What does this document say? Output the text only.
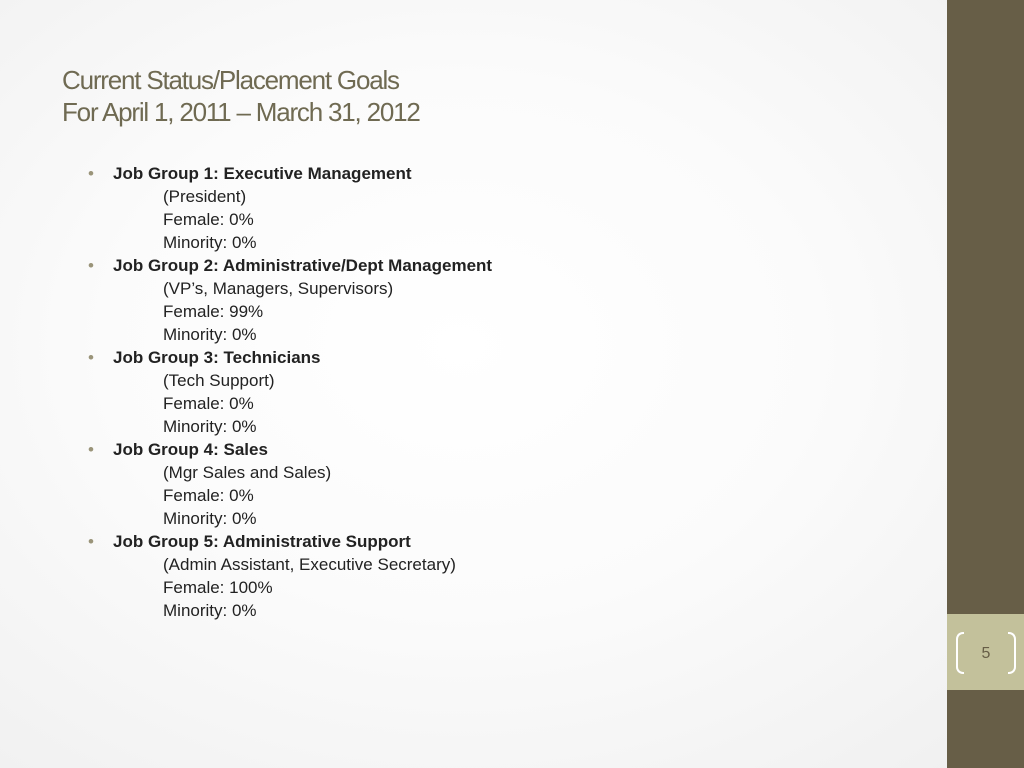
Current Status/Placement Goals
For April 1, 2011 – March 31, 2012
• Job Group 1: Executive Management
(President)
Female: 0%
Minority: 0%
• Job Group 2: Administrative/Dept Management
(VP’s, Managers, Supervisors)
Female: 99%
Minority: 0%
• Job Group 3: Technicians
(Tech Support)
Female: 0%
Minority: 0%
• Job Group 4: Sales
(Mgr Sales and Sales)
Female: 0%
Minority: 0%
• Job Group 5: Administrative Support
(Admin Assistant, Executive Secretary)
Female: 100%
Minority: 0%
5
